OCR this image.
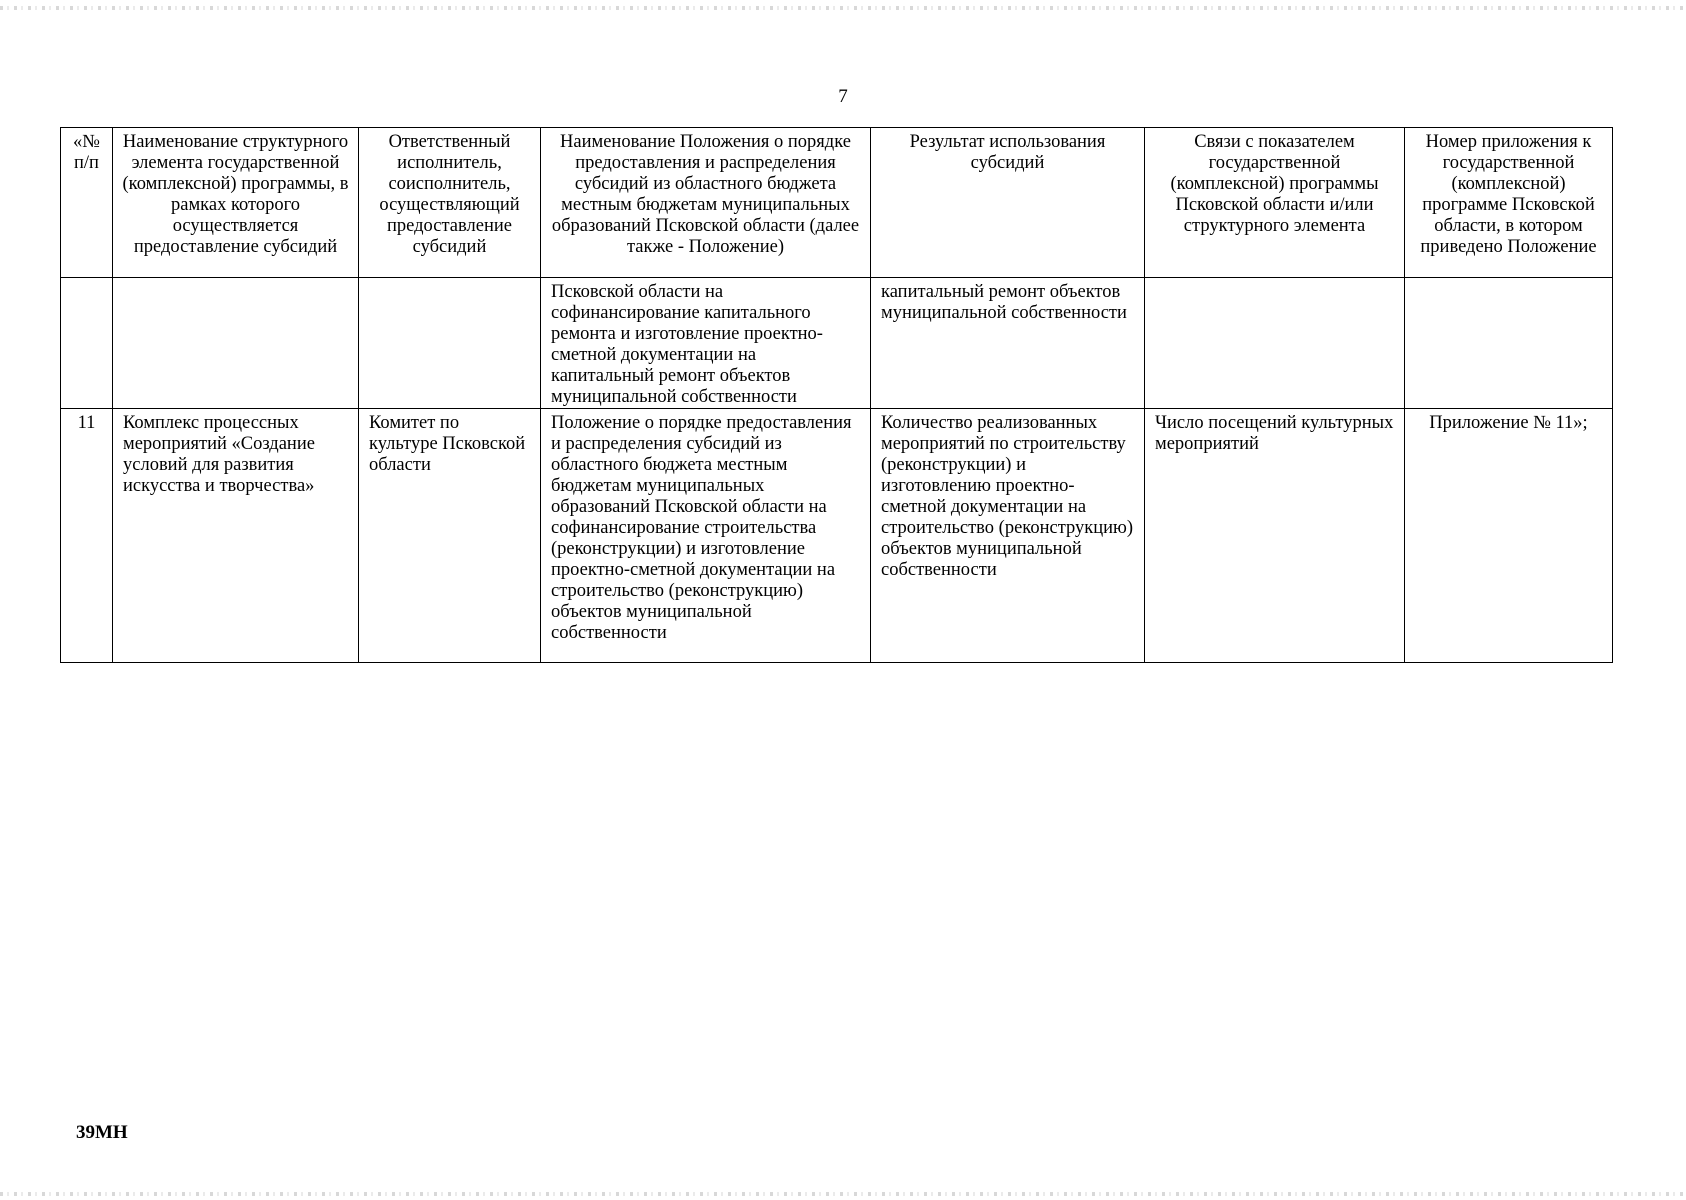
7
«№ п/п	Наименование структурного элемента государственной (комплексной) программы, в рамках которого осуществляется предоставление субсидий	Ответственный исполнитель, соисполнитель, осуществляющий предоставление субсидий	Наименование Положения о порядке предоставления и распределения субсидий из областного бюджета местным бюджетам муниципальных образований Псковской области (далее также - Положение)	Результат использования субсидий	Связи с показателем государственной (комплексной) программы Псковской области и/или структурного элемента	Номер приложения к государственной (комплексной) программе Псковской области, в котором приведено Положение
			Псковской области на софинансирование капитального ремонта и изготовление проектно-сметной документации на капитальный ремонт объектов муниципальной собственности	капитальный ремонт объектов муниципальной собственности		
11	Комплекс процессных мероприятий «Создание условий для развития искусства и творчества»	Комитет по культуре Псковской области	Положение о порядке предоставления и распределения субсидий из областного бюджета местным бюджетам муниципальных образований Псковской области на софинансирование строительства (реконструкции) и изготовление проектно-сметной документации на строительство (реконструкцию) объектов муниципальной собственности	Количество реализованных мероприятий по строительству (реконструкции) и изготовлению проектно-сметной документации на строительство (реконструкцию) объектов муниципальной собственности	Число посещений культурных мероприятий	Приложение № 11»;
39МН
